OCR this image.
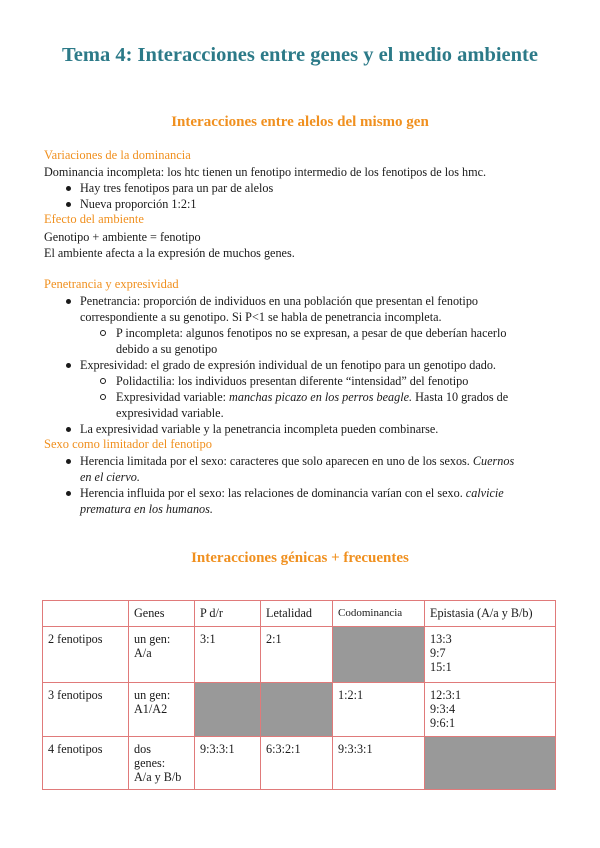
Tema 4: Interacciones entre genes y el medio ambiente
Interacciones entre alelos del mismo gen

Variaciones de la dominancia

Dominancia incompleta: los htc tienen un fenotipo intermedio de los fenotipos de los hmc.

Hay tres fenotipos para un par de alelos

Nueva proporción 1:2:1

Efecto del ambiente

Genotipo + ambiente = fenotipo

El ambiente afecta a la expresión de muchos genes.

Penetrancia y expresividad

Penetrancia: proporción de individuos en una población que presentan el fenotipo

correspondiente a su genotipo. Si P<1 se habla de penetrancia incompleta.

P incompleta: algunos fenotipos no se expresan, a pesar de que deberían hacerlo

debido a su genotipo

Expresividad: el grado de expresión individual de un fenotipo para un genotipo dado.

Polidactilia: los individuos presentan diferente “intensidad” del fenotipo

Expresividad variable: manchas picazo en los perros beagle. Hasta 10 grados de

expresividad variable.

La expresividad variable y la penetrancia incompleta pueden combinarse.

Sexo como limitador del fenotipo

Herencia limitada por el sexo: caracteres que solo aparecen en uno de los sexos. Cuernos

en el ciervo.

Herencia influida por el sexo: las relaciones de dominancia varían con el sexo. calvicie

prematura en los humanos.

Interacciones génicas + frecuentes
	Genes	P d/r	Letalidad	Codominancia	Epistasia (A/a y B/b)
2 fenotipos	un gen:
A/a	3:1	2:1		13:3
9:7
15:1
3 fenotipos	un gen:
A1/A2			1:2:1	12:3:1
9:3:4
9:6:1
4 fenotipos	dos
genes:
A/a y B/b	9:3:3:1	6:3:2:1	9:3:3:1	
